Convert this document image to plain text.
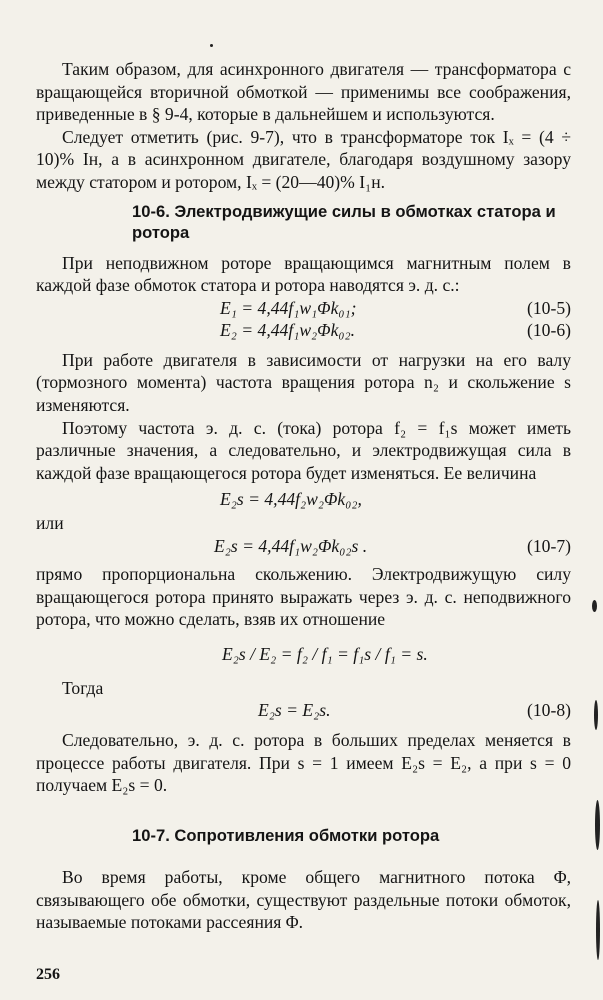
Таким образом, для асинхронного двигателя — трансформатора с вращающейся вторичной обмоткой — применимы все соображения, приведенные в § 9-4, которые в дальнейшем и используются.

Следует отметить (рис. 9-7), что в трансформаторе ток Iₓ = (4 ÷ 10)% Iн, а в асинхронном двигателе, благодаря воздушному зазору между статором и ротором, Iₓ = (20—40)% I₁н.

10-6. Электродвижущие силы в обмотках статора и ротора

При неподвижном роторе вращающимся магнитным полем в каждой фазе обмоток статора и ротора наводятся э. д. с.:

E₁ = 4,44f₁w₁Φk₀₁;	(10-5)
E₂ = 4,44f₁w₂Φk₀₂.	(10-6)

При работе двигателя в зависимости от нагрузки на его валу (тормозного момента) частота вращения ротора n₂ и скольжение s изменяются.

Поэтому частота э. д. с. (тока) ротора f₂ = f₁s может иметь различные значения, а следовательно, и электродвижущая сила в каждой фазе вращающегося ротора будет изменяться. Ее величина

E₂s = 4,44f₂w₂Φk₀₂,
или
E₂s = 4,44f₁w₂Φk₀₂s .	(10-7)

прямо пропорциональна скольжению. Электродвижущую силу вращающегося ротора принято выражать через э. д. с. неподвижного ротора, что можно сделать, взяв их отношение

E₂s / E₂ = f₂ / f₁ = f₁s / f₁ = s.
Тогда
E₂s = E₂s.	(10-8)

Следовательно, э. д. с. ротора в больших пределах меняется в процессе работы двигателя. При s = 1 имеем E₂s = E₂, а при s = 0 получаем E₂s = 0.

10-7. Сопротивления обмотки ротора

Во время работы, кроме общего магнитного потока Φ, связывающего обе обмотки, существуют раздельные потоки обмоток, называемые потоками рассеяния Φ.

256
